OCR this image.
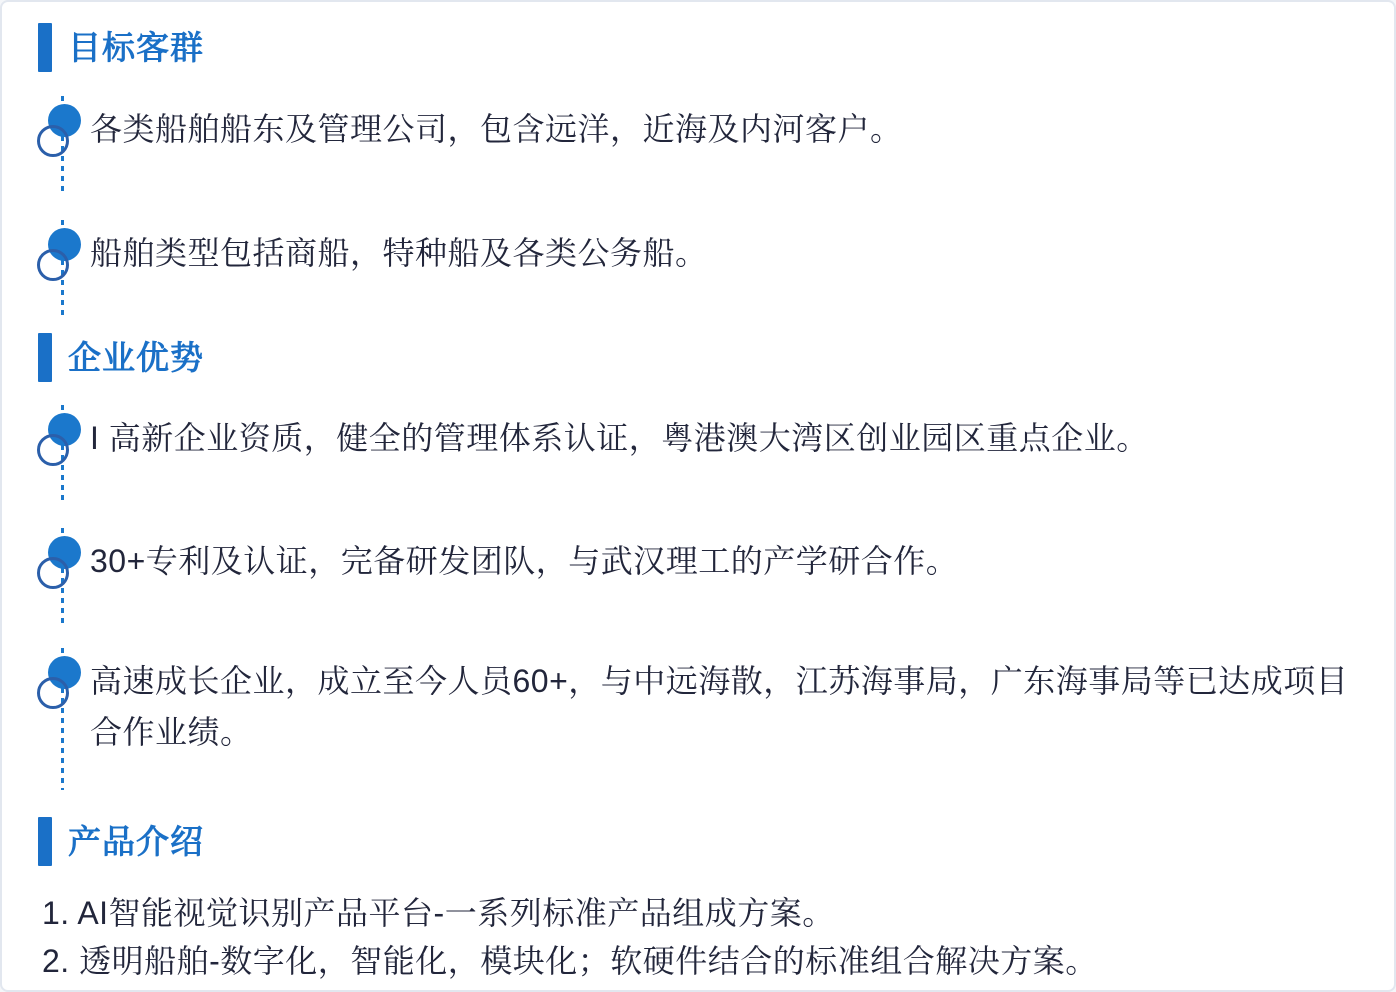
目标客群

各类船舶船东及管理公司，包含远洋，近海及内河客户。

船舶类型包括商船，特种船及各类公务船。

企业优势

I 高新企业资质，健全的管理体系认证，粤港澳大湾区创业园区重点企业。

30+专利及认证，完备研发团队，与武汉理工的产学研合作。

高速成长企业，成立至今人员60+，与中远海散，江苏海事局，广东海事局等已达成项目合作业绩。

产品介绍

1. AI智能视觉识别产品平台-一系列标准产品组成方案。

2. 透明船舶-数字化，智能化，模块化；软硬件结合的标准组合解决方案。
